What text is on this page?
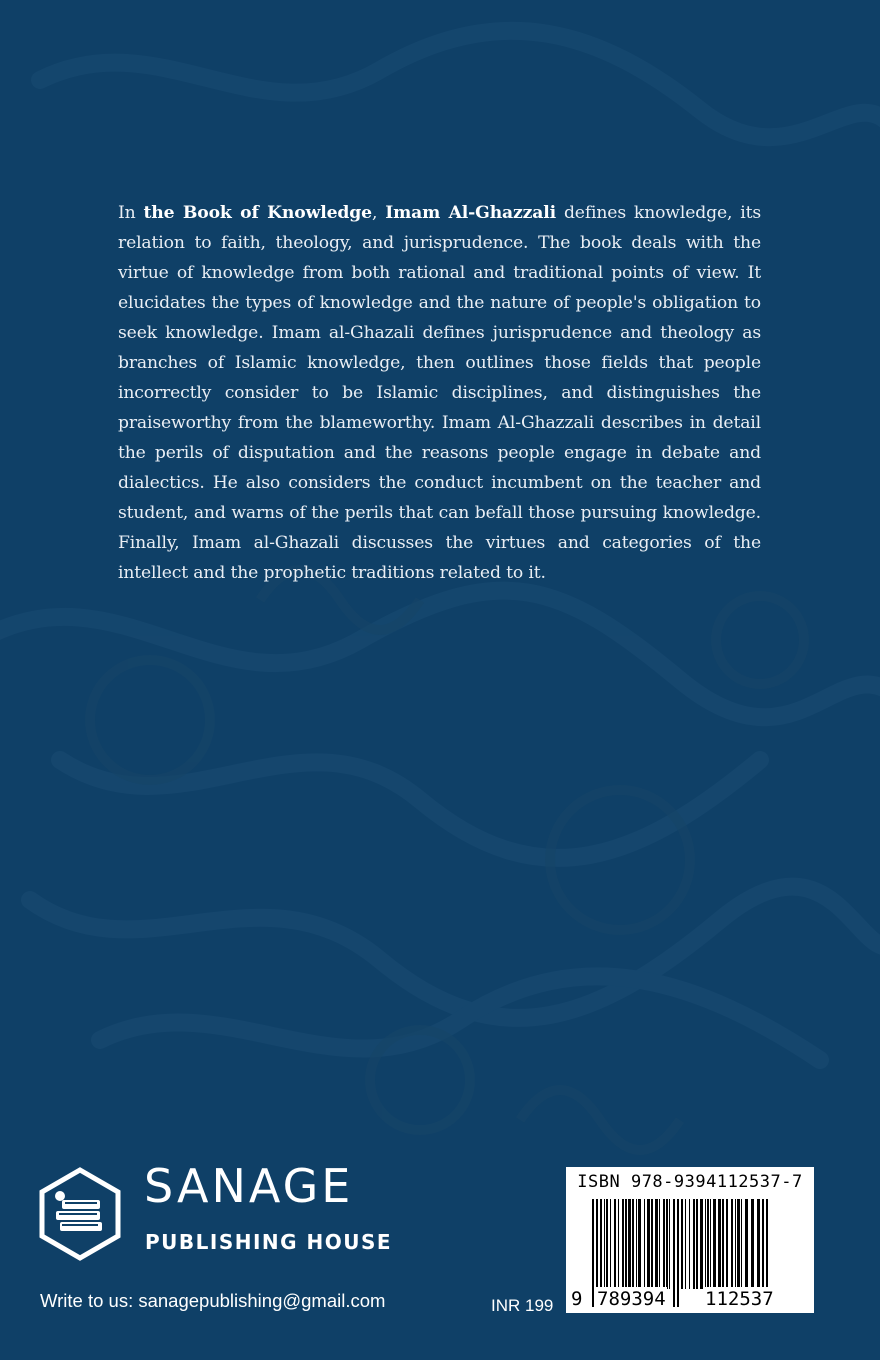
In the Book of Knowledge, Imam Al-Ghazzali defines knowledge, its relation to faith, theology, and jurisprudence. The book deals with the virtue of knowledge from both rational and traditional points of view. It elucidates the types of knowledge and the nature of people's obligation to seek knowledge. Imam al-Ghazali defines jurisprudence and theology as branches of Islamic knowledge, then outlines those fields that people incorrectly consider to be Islamic disciplines, and distinguishes the praiseworthy from the blameworthy. Imam Al-Ghazzali describes in detail the perils of disputation and the reasons people engage in debate and dialectics. He also considers the conduct incumbent on the teacher and student, and warns of the perils that can befall those pursuing knowledge. Finally, Imam al-Ghazali discusses the virtues and categories of the intellect and the prophetic traditions related to it.

SANAGE
PUBLISHING HOUSE
Write to us: sanagepublishing@gmail.com	INR 199
ISBN 978-9394112537-7
9 789394 112537
